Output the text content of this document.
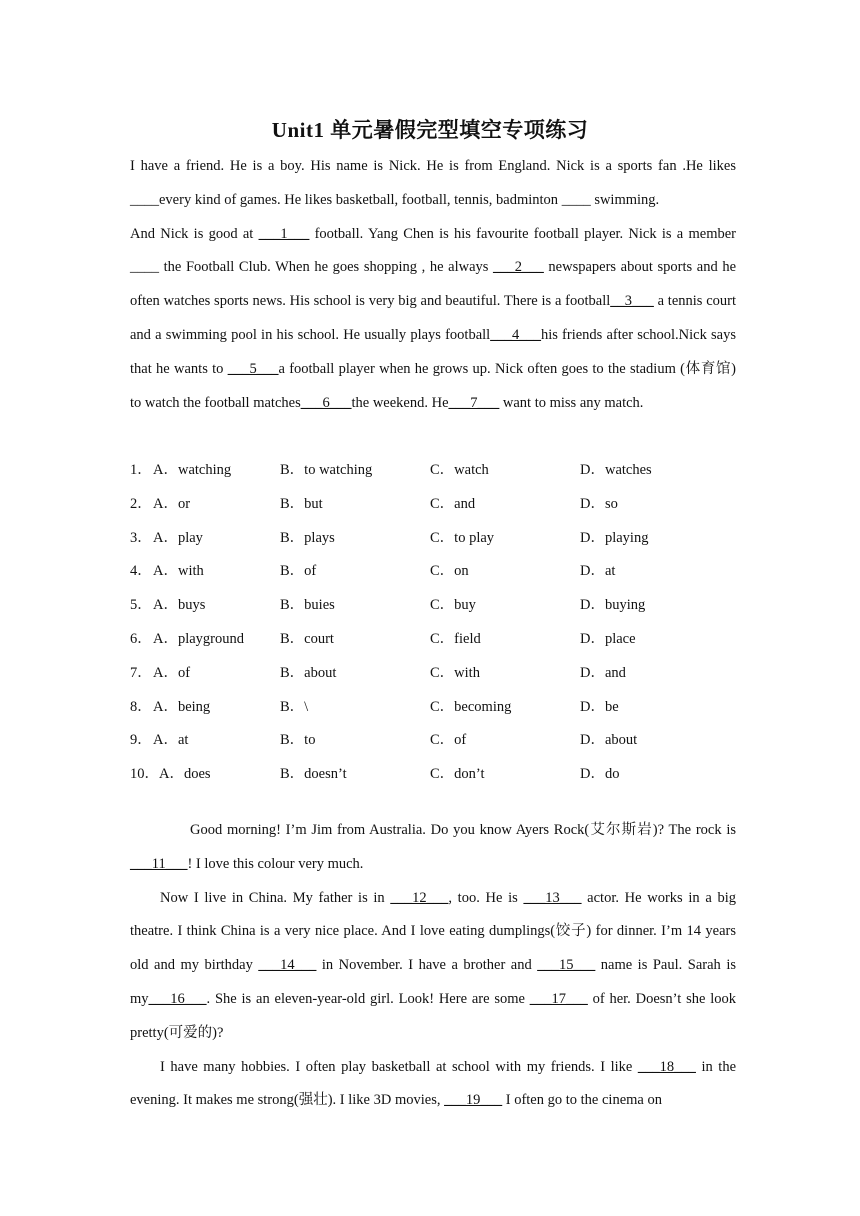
Unit1 单元暑假完型填空专项练习

I have a friend. He is a boy. His name is Nick. He is from England. Nick is a sports fan .He likes ____every kind of games. He likes basketball, football, tennis, badminton ____ swimming.
And Nick is good at ___1___ football. Yang Chen is his favourite football player. Nick is a member ____ the Football Club. When he goes shopping , he always ___2___ newspapers about sports and he often watches sports news. His school is very big and beautiful. There is a football__3___ a tennis court and a swimming pool in his school. He usually plays football___4___his friends after school.Nick says that he wants to ___5___a football player when he grows up. Nick often goes to the stadium (体育馆) to watch the football matches___6___the weekend. He___7___ want to miss any match.

1． A．watching	B．to watching	C．watch	D．watches
2． A．or	B．but	C．and	D．so
3． A．play	B．plays	C．to play	D．playing
4． A．with	B．of	C．on	D．at
5． A．buys	B．buies	C．buy	D．buying
6． A．playground B．court	C．field	D．place
7． A．of	B．about	C．with	D．and
8． A．being	B．\	C．becoming	D．be
9． A．at	B．to	C．of	D．about
10． A．does	B．doesn’t	C．don’t	D．do

Good morning! I’m Jim from Australia. Do you know Ayers Rock(艾尔斯岩)? The rock is ___11___! I love this colour very much.

Now I live in China. My father is in ___12___, too. He is ___13___ actor. He works in a big theatre. I think China is a very nice place. And I love eating dumplings(饺子) for dinner. I’m 14 years old and my birthday ___14___ in November. I have a brother and ___15___ name is Paul. Sarah is my___16___. She is an eleven-year-old girl. Look! Here are some ___17___ of her. Doesn’t she look pretty(可爱的)?

I have many hobbies. I often play basketball at school with my friends. I like ___18___ in the evening. It makes me strong(强壮). I like 3D movies, ___19___ I often go to the cinema on
